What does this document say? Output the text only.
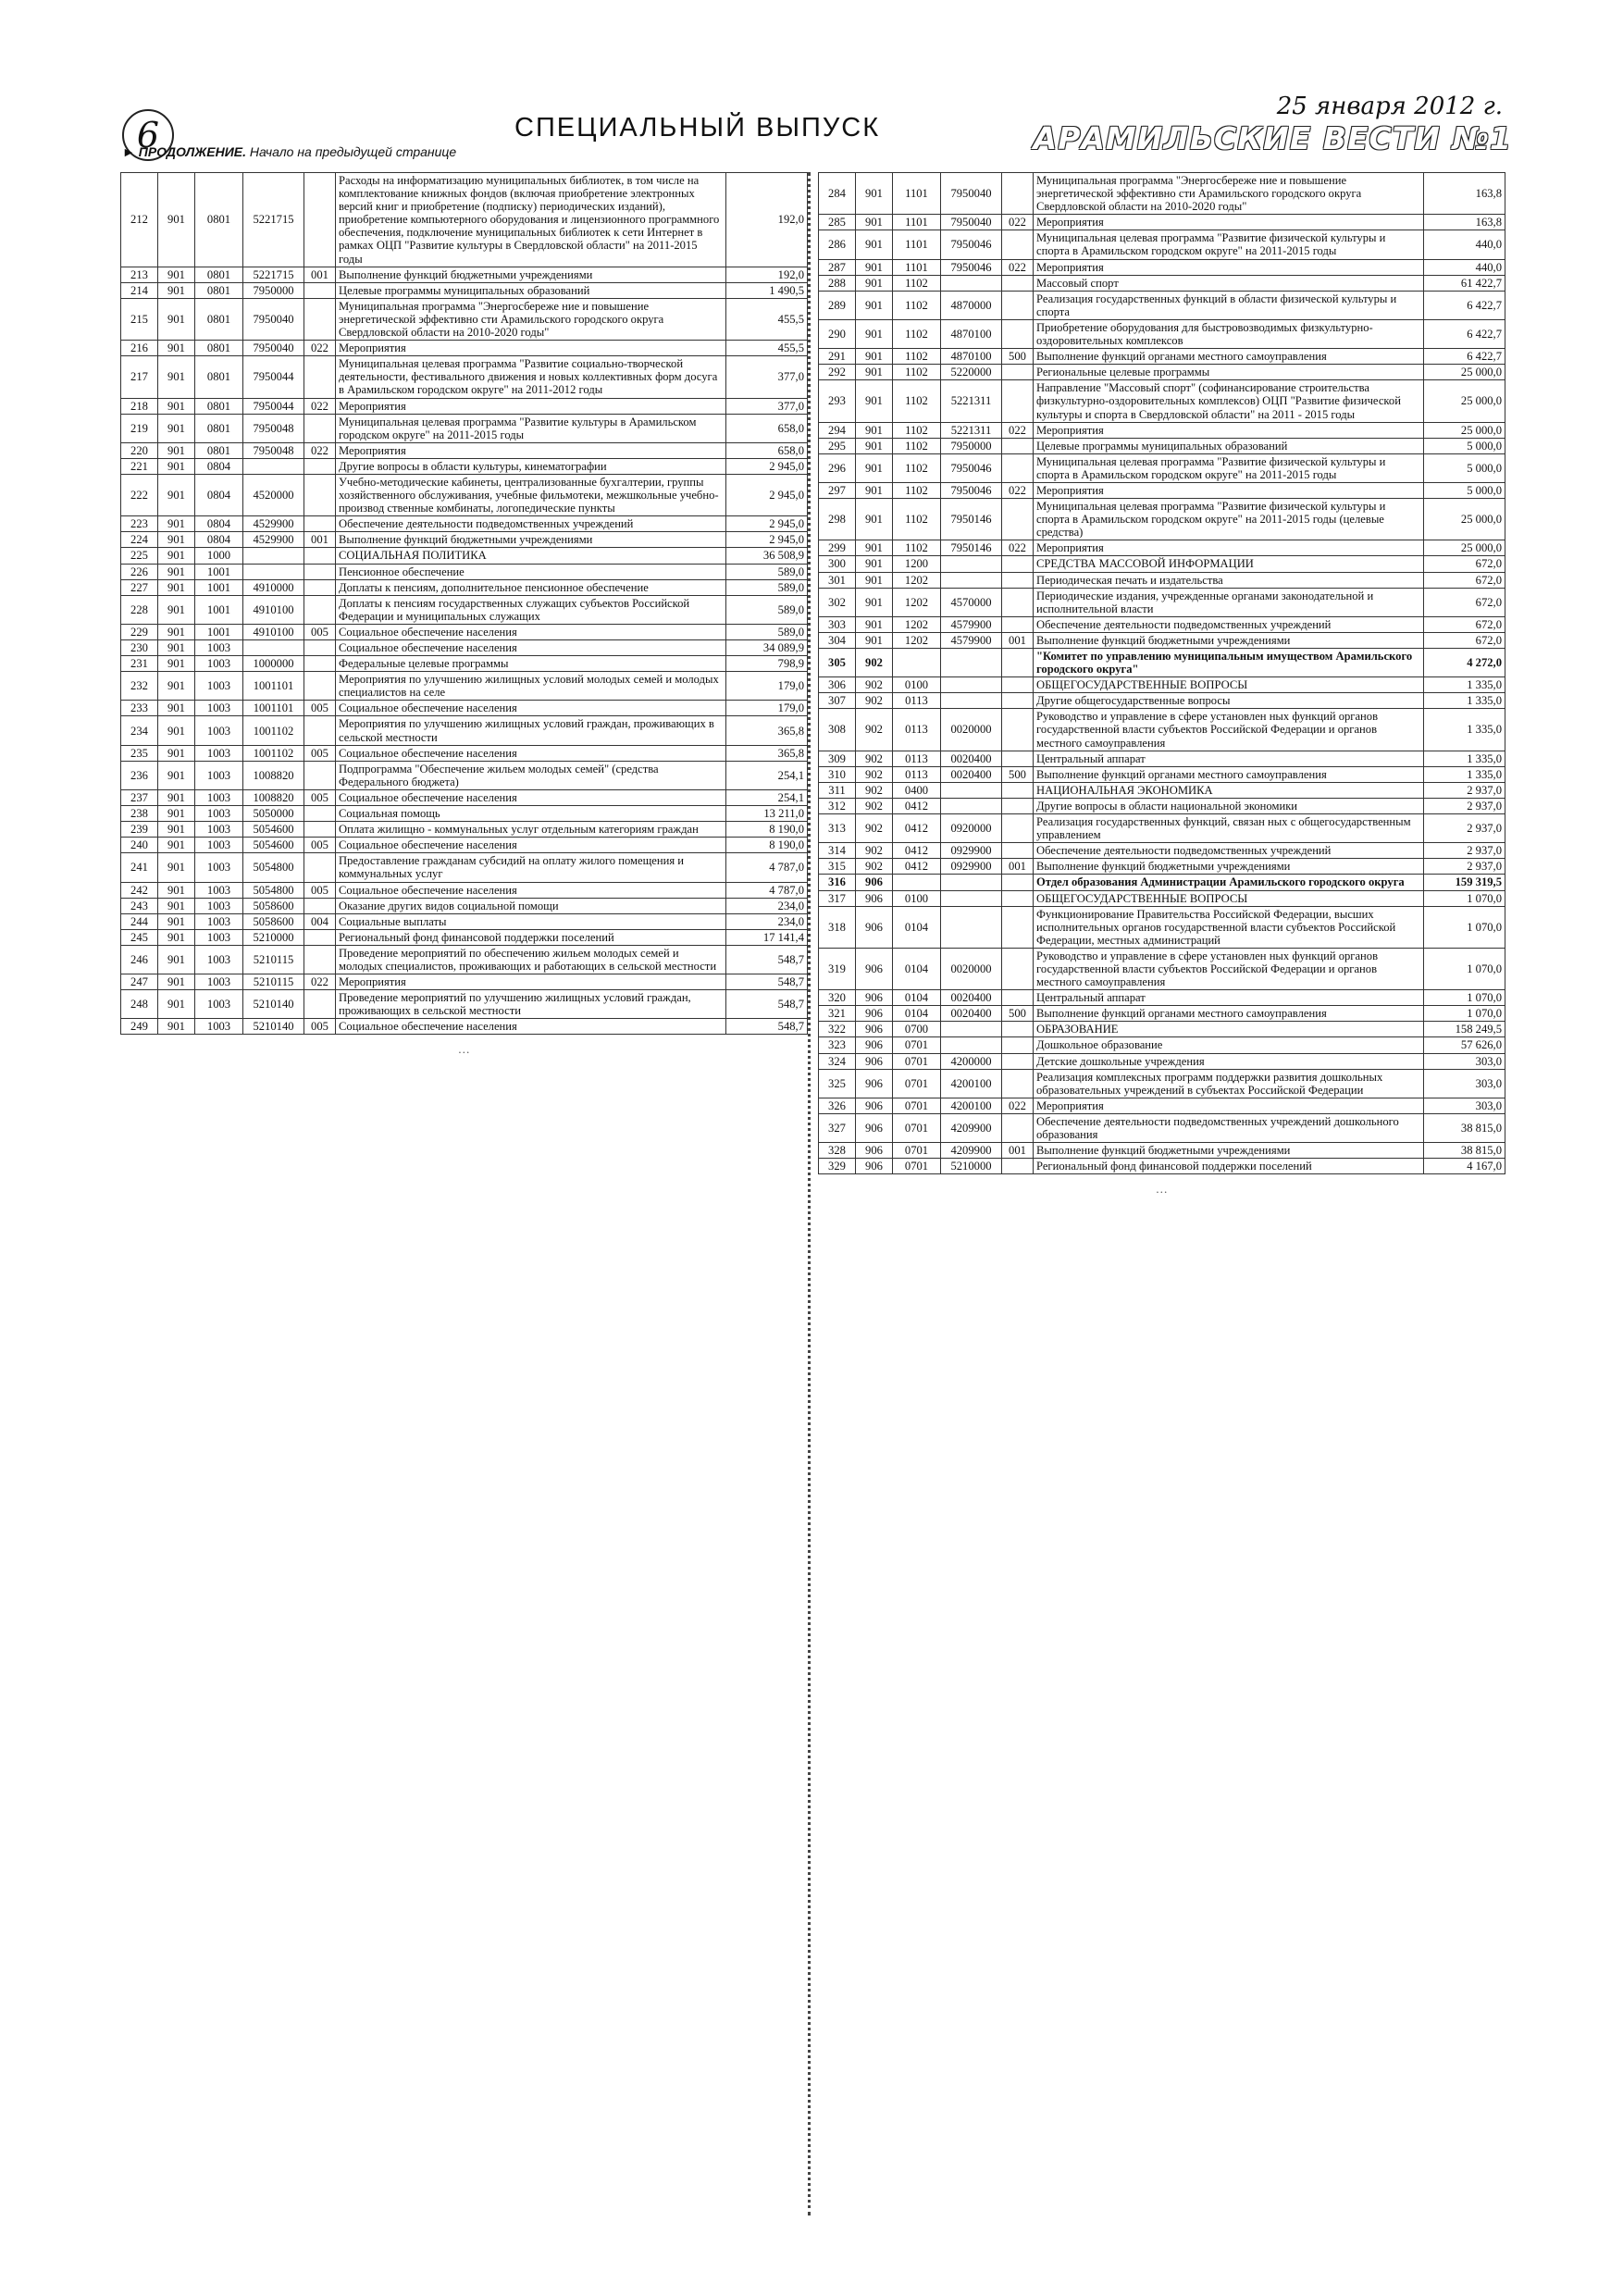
6	СПЕЦИАЛЬНЫЙ ВЫПУСК
25 января 2012 г.
АРАМИЛЬСКИЕ ВЕСТИ №1
► ПРОДОЛЖЕНИЕ. Начало на предыдущей странице
212	901	0801	5221715		Расходы на информатизацию муниципальных библиотек, в том числе на комплектование книжных фондов (включая приобретение электронных версий книг и приобретение (подписку) периодических изданий), приобретение компьютерного оборудования и лицензионного программного обеспечения, подключение муниципальных библиотек к сети Интернет в рамках ОЦП "Развитие культуры в Свердловской области" на 2011-2015 годы	192,0
213	901	0801	5221715	001	Выполнение функций бюджетными учреждениями	192,0
214	901	0801	7950000		Целевые программы муниципальных образований	1 490,5
215	901	0801	7950040		Муниципальная программа "Энергосбереже ние и повышение энергетической эффективно сти Арамильского городского округа Свердловской области на 2010-2020 годы"	455,5
216	901	0801	7950040	022	Мероприятия	455,5
217	901	0801	7950044		Муниципальная целевая программа "Развитие социально-творческой деятельности, фестивального движения и новых коллективных форм досуга в Арамильском городском округе" на 2011-2012 годы	377,0
218	901	0801	7950044	022	Мероприятия	377,0
219	901	0801	7950048		Муниципальная целевая программа "Развитие культуры в Арамильском городском округе" на 2011-2015 годы	658,0
220	901	0801	7950048	022	Мероприятия	658,0
221	901	0804			Другие вопросы в области культуры, кинематографии	2 945,0
222	901	0804	4520000		Учебно-методические кабинеты, централизованные бухгалтерии, группы хозяйственного обслуживания, учебные фильмотеки, межшкольные учебно-производ ственные комбинаты, логопедические пункты	2 945,0
223	901	0804	4529900		Обеспечение деятельности подведомственных учреждений	2 945,0
224	901	0804	4529900	001	Выполнение функций бюджетными учреждениями	2 945,0
225	901	1000			СОЦИАЛЬНАЯ ПОЛИТИКА	36 508,9
226	901	1001			Пенсионное обеспечение	589,0
227	901	1001	4910000		Доплаты к пенсиям, дополнительное пенсионное обеспечение	589,0
228	901	1001	4910100		Доплаты к пенсиям государственных служащих субъектов Российской Федерации и муниципальных служащих	589,0
229	901	1001	4910100	005	Социальное обеспечение населения	589,0
230	901	1003			Социальное обеспечение населения	34 089,9
231	901	1003	1000000		Федеральные целевые программы	798,9
232	901	1003	1001101		Мероприятия по улучшению жилищных условий молодых семей и молодых специалистов на селе	179,0
233	901	1003	1001101	005	Социальное обеспечение населения	179,0
234	901	1003	1001102		Мероприятия по улучшению жилищных условий граждан, проживающих в сельской местности	365,8
235	901	1003	1001102	005	Социальное обеспечение населения	365,8
236	901	1003	1008820		Подпрограмма "Обеспечение жильем молодых семей" (средства Федерального бюджета)	254,1
237	901	1003	1008820	005	Социальное обеспечение населения	254,1
238	901	1003	5050000		Социальная помощь	13 211,0
239	901	1003	5054600		Оплата жилищно - коммунальных услуг отдельным категориям граждан	8 190,0
240	901	1003	5054600	005	Социальное обеспечение населения	8 190,0
241	901	1003	5054800		Предоставление гражданам субсидий на оплату жилого помещения и коммунальных услуг	4 787,0
242	901	1003	5054800	005	Социальное обеспечение населения	4 787,0
243	901	1003	5058600		Оказание других видов социальной помощи	234,0
244	901	1003	5058600	004	Социальные выплаты	234,0
245	901	1003	5210000		Региональный фонд финансовой поддержки поселений	17 141,4
246	901	1003	5210115		Проведение мероприятий по обеспечению жильем молодых семей и молодых специалистов, проживающих и работающих в сельской местности	548,7
247	901	1003	5210115	022	Мероприятия	548,7
248	901	1003	5210140		Проведение мероприятий по улучшению жилищных условий граждан, проживающих в сельской местности	548,7
249	901	1003	5210140	005	Социальное обеспечение населения	548,7
…
284	901	1101	7950040		Муниципальная программа "Энергосбереже ние и повышение энергетической эффективно сти Арамильского городского округа Свердловской области на 2010-2020 годы"	163,8
285	901	1101	7950040	022	Мероприятия	163,8
286	901	1101	7950046		Муниципальная целевая программа "Развитие физической культуры и спорта в Арамильском городском округе" на 2011-2015 годы	440,0
287	901	1101	7950046	022	Мероприятия	440,0
288	901	1102			Массовый спорт	61 422,7
289	901	1102	4870000		Реализация государственных функций в области физической культуры и спорта	6 422,7
290	901	1102	4870100		Приобретение оборудования для быстровозводимых физкультурно- оздоровительных комплексов	6 422,7
291	901	1102	4870100	500	Выполнение функций органами местного самоуправления	6 422,7
292	901	1102	5220000		Региональные целевые программы	25 000,0
293	901	1102	5221311		Направление "Массовый спорт" (софинансирование строительства физкультурно-оздоровительных комплексов) ОЦП "Развитие физической культуры и спорта в Свердловской области" на 2011 - 2015 годы	25 000,0
294	901	1102	5221311	022	Мероприятия	25 000,0
295	901	1102	7950000		Целевые программы муниципальных образований	5 000,0
296	901	1102	7950046		Муниципальная целевая программа "Развитие физической культуры и спорта в Арамильском городском округе" на 2011-2015 годы	5 000,0
297	901	1102	7950046	022	Мероприятия	5 000,0
298	901	1102	7950146		Муниципальная целевая программа "Развитие физической культуры и спорта в Арамильском городском округе" на 2011-2015 годы (целевые средства)	25 000,0
299	901	1102	7950146	022	Мероприятия	25 000,0
300	901	1200			СРЕДСТВА МАССОВОЙ ИНФОРМАЦИИ	672,0
301	901	1202			Периодическая печать и издательства	672,0
302	901	1202	4570000		Периодические издания, учрежденные органами законодательной и исполнительной власти	672,0
303	901	1202	4579900		Обеспечение деятельности подведомственных учреждений	672,0
304	901	1202	4579900	001	Выполнение функций бюджетными учреждениями	672,0
305	902				"Комитет по управлению муниципальным имуществом Арамильского городского округа"	4 272,0
306	902	0100			ОБЩЕГОСУДАРСТВЕННЫЕ ВОПРОСЫ	1 335,0
307	902	0113			Другие общегосударственные вопросы	1 335,0
308	902	0113	0020000		Руководство и управление в сфере установлен ных функций органов государственной власти субъектов Российской Федерации и органов местного самоуправления	1 335,0
309	902	0113	0020400		Центральный аппарат	1 335,0
310	902	0113	0020400	500	Выполнение функций органами местного самоуправления	1 335,0
311	902	0400			НАЦИОНАЛЬНАЯ ЭКОНОМИКА	2 937,0
312	902	0412			Другие вопросы в области национальной экономики	2 937,0
313	902	0412	0920000		Реализация государственных функций, связан ных с общегосударственным управлением	2 937,0
314	902	0412	0929900		Обеспечение деятельности подведомственных учреждений	2 937,0
315	902	0412	0929900	001	Выполнение функций бюджетными учреждениями	2 937,0
316	906				Отдел образования Администрации Арамильского городского округа	159 319,5
317	906	0100			ОБЩЕГОСУДАРСТВЕННЫЕ ВОПРОСЫ	1 070,0
318	906	0104			Функционирование Правительства Российской Федерации, высших исполнительных органов государственной власти субъектов Российской Федерации, местных администраций	1 070,0
319	906	0104	0020000		Руководство и управление в сфере установлен ных функций органов государственной власти субъектов Российской Федерации и органов местного самоуправления	1 070,0
320	906	0104	0020400		Центральный аппарат	1 070,0
321	906	0104	0020400	500	Выполнение функций органами местного самоуправления	1 070,0
322	906	0700			ОБРАЗОВАНИЕ	158 249,5
323	906	0701			Дошкольное образование	57 626,0
324	906	0701	4200000		Детские дошкольные учреждения	303,0
325	906	0701	4200100		Реализация комплексных программ поддержки развития дошкольных образовательных учреждений в субъектах Российской Федерации	303,0
326	906	0701	4200100	022	Мероприятия	303,0
327	906	0701	4209900		Обеспечение деятельности подведомственных учреждений дошкольного образования	38 815,0
328	906	0701	4209900	001	Выполнение функций бюджетными учреждениями	38 815,0
329	906	0701	5210000		Региональный фонд финансовой поддержки поселений	4 167,0
…
